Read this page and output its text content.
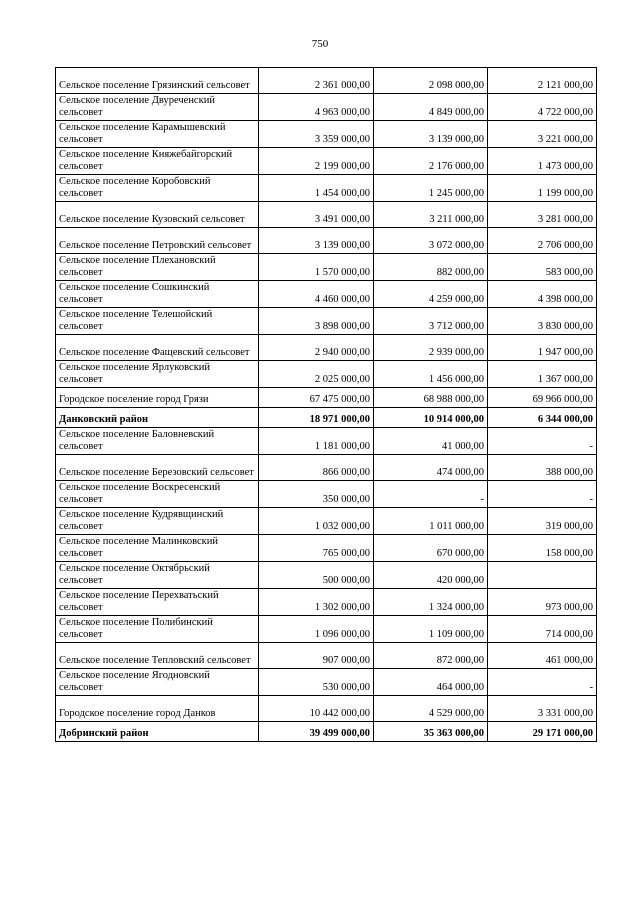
750
Сельское поселение Грязинский сельсовет	2 361 000,00	2 098 000,00	2 121 000,00
Сельское поселение Двуреченский сельсовет	4 963 000,00	4 849 000,00	4 722 000,00
Сельское поселение Карамышевский сельсовет	3 359 000,00	3 139 000,00	3 221 000,00
Сельское поселение Княжебайгорский сельсовет	2 199 000,00	2 176 000,00	1 473 000,00
Сельское поселение Коробовский сельсовет	1 454 000,00	1 245 000,00	1 199 000,00
Сельское поселение Кузовский сельсовет	3 491 000,00	3 211 000,00	3 281 000,00
Сельское поселение Петровский сельсовет	3 139 000,00	3 072 000,00	2 706 000,00
Сельское поселение Плехановский сельсовет	1 570 000,00	882 000,00	583 000,00
Сельское поселение Сошкинский сельсовет	4 460 000,00	4 259 000,00	4 398 000,00
Сельское поселение Телешойский сельсовет	3 898 000,00	3 712 000,00	3 830 000,00
Сельское поселение Фащевский сельсовет	2 940 000,00	2 939 000,00	1 947 000,00
Сельское поселение Ярлуковский сельсовет	2 025 000,00	1 456 000,00	1 367 000,00
Городское поселение город Грязи	67 475 000,00	68 988 000,00	69 966 000,00
Данковский район	18 971 000,00	10 914 000,00	6 344 000,00
Сельское поселение Баловневский сельсовет	1 181 000,00	41 000,00	-
Сельское поселение Березовский сельсовет	866 000,00	474 000,00	388 000,00
Сельское поселение Воскресенский сельсовет	350 000,00	-	-
Сельское поселение Кудрявщинский сельсовет	1 032 000,00	1 011 000,00	319 000,00
Сельское поселение Малинковский сельсовет	765 000,00	670 000,00	158 000,00
Сельское поселение Октябрьский сельсовет	500 000,00	420 000,00	
Сельское поселение Перехватьский сельсовет	1 302 000,00	1 324 000,00	973 000,00
Сельское поселение Полибинский сельсовет	1 096 000,00	1 109 000,00	714 000,00
Сельское поселение Тепловский сельсовет	907 000,00	872 000,00	461 000,00
Сельское поселение Ягодновский сельсовет	530 000,00	464 000,00	-
Городское поселение город Данков	10 442 000,00	4 529 000,00	3 331 000,00
Добринский район	39 499 000,00	35 363 000,00	29 171 000,00
